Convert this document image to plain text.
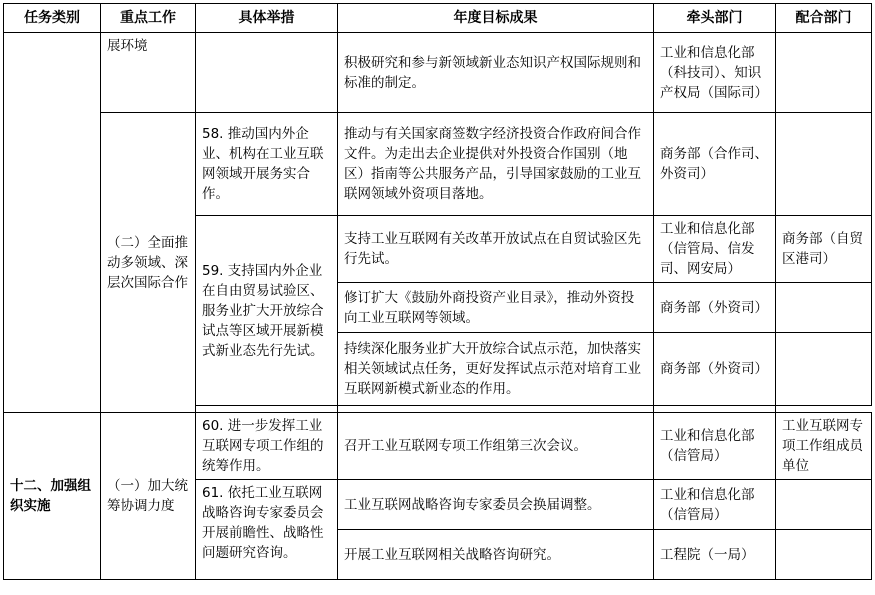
任务类别	重点工作	具体举措	年度目标成果	牵头部门	配合部门
	展环境		积极研究和参与新领域新业态知识产权国际规则和标准的制定。	工业和信息化部（科技司）、知识产权局（国际司）	
	（二）全面推动多领域、深层次国际合作	58. 推动国内外企业、机构在工业互联网领域开展务实合作。	推动与有关国家商签数字经济投资合作政府间合作文件。为走出去企业提供对外投资合作国别（地区）指南等公共服务产品，引导国家鼓励的工业互联网领域外资项目落地。	商务部（合作司、外资司）	
		59. 支持国内外企业在自由贸易试验区、服务业扩大开放综合试点等区域开展新模式新业态先行先试。	支持工业互联网有关改革开放试点在自贸试验区先行先试。	工业和信息化部（信管局、信发司、网安局）	商务部（自贸区港司）
			修订扩大《鼓励外商投资产业目录》，推动外资投向工业互联网等领域。	商务部（外资司）	
			持续深化服务业扩大开放综合试点示范，加快落实相关领域试点任务，更好发挥试点示范对培育工业互联网新模式新业态的作用。	商务部（外资司）	

十二、加强组织实施	（一）加大统筹协调力度	60. 进一步发挥工业互联网专项工作组的统筹作用。	召开工业互联网专项工作组第三次会议。	工业和信息化部（信管局）	工业互联网专项工作组成员单位
		61. 依托工业互联网战略咨询专家委员会开展前瞻性、战略性问题研究咨询。	工业互联网战略咨询专家委员会换届调整。	工业和信息化部（信管局）	
			开展工业互联网相关战略咨询研究。	工程院（一局）	
